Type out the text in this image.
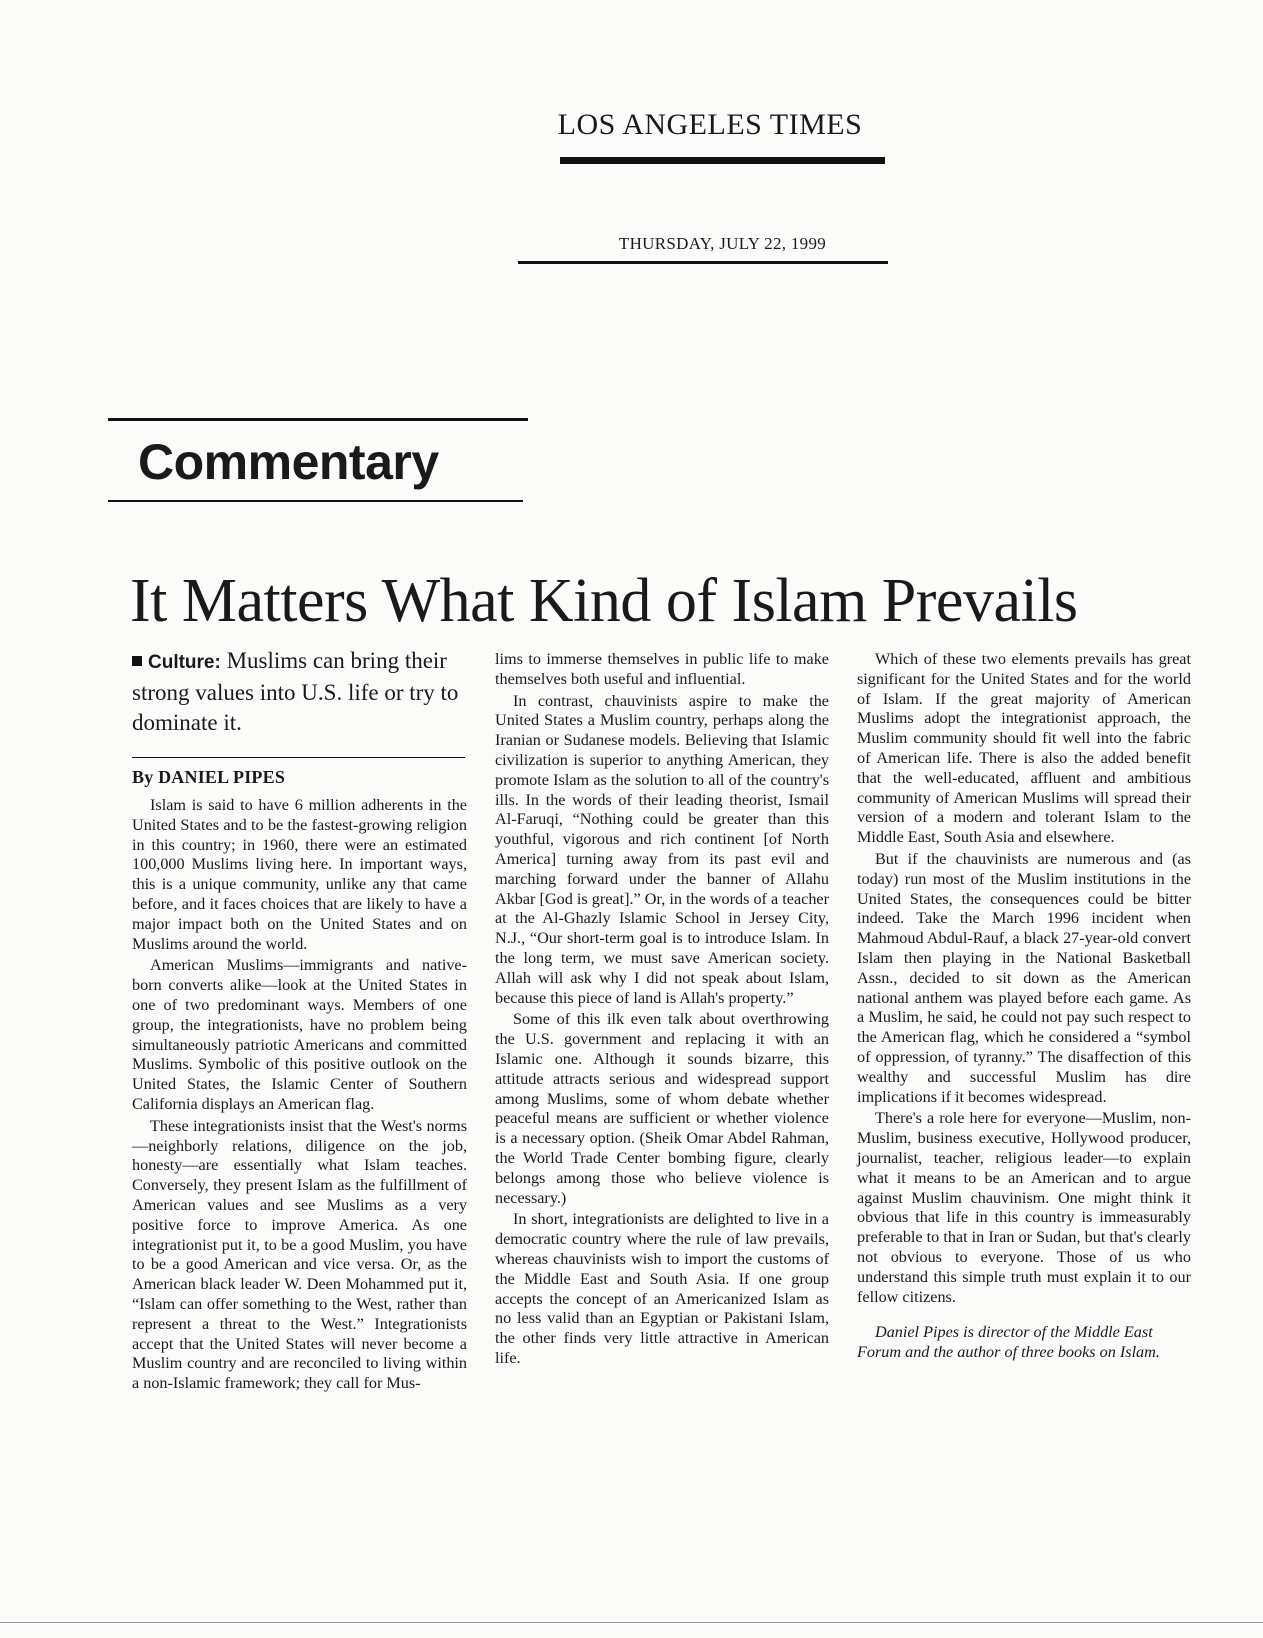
LOS ANGELES TIMES
THURSDAY, JULY 22, 1999
Commentary
It Matters What Kind of Islam Prevails
Culture: Muslims can bring their strong values into U.S. life or try to dominate it.
By DANIEL PIPES

Islam is said to have 6 million adherents in the United States and to be the fastest-growing religion in this country; in 1960, there were an estimated 100,000 Muslims living here. In important ways, this is a unique community, unlike any that came before, and it faces choices that are likely to have a major impact both on the United States and on Muslims around the world.

American Muslims—immigrants and native-born converts alike—look at the United States in one of two predominant ways. Members of one group, the integrationists, have no problem being simultaneously patriotic Americans and committed Muslims. Symbolic of this positive outlook on the United States, the Islamic Center of Southern California displays an American flag.

These integrationists insist that the West's norms—neighborly relations, diligence on the job, honesty—are essentially what Islam teaches. Conversely, they present Islam as the fulfillment of American values and see Muslims as a very positive force to improve America. As one integrationist put it, to be a good Muslim, you have to be a good American and vice versa. Or, as the American black leader W. Deen Mohammed put it, “Islam can offer something to the West, rather than represent a threat to the West.” Integrationists accept that the United States will never become a Muslim country and are reconciled to living within a non-Islamic framework; they call for Mus-

lims to immerse themselves in public life to make themselves both useful and influential.

In contrast, chauvinists aspire to make the United States a Muslim country, perhaps along the Iranian or Sudanese models. Believing that Islamic civilization is superior to anything American, they promote Islam as the solution to all of the country's ills. In the words of their leading theorist, Ismail Al-Faruqi, “Nothing could be greater than this youthful, vigorous and rich continent [of North America] turning away from its past evil and marching forward under the banner of Allahu Akbar [God is great].” Or, in the words of a teacher at the Al-Ghazly Islamic School in Jersey City, N.J., “Our short-term goal is to introduce Islam. In the long term, we must save American society. Allah will ask why I did not speak about Islam, because this piece of land is Allah's property.”

Some of this ilk even talk about overthrowing the U.S. government and replacing it with an Islamic one. Although it sounds bizarre, this attitude attracts serious and widespread support among Muslims, some of whom debate whether peaceful means are sufficient or whether violence is a necessary option. (Sheik Omar Abdel Rahman, the World Trade Center bombing figure, clearly belongs among those who believe violence is necessary.)

In short, integrationists are delighted to live in a democratic country where the rule of law prevails, whereas chauvinists wish to import the customs of the Middle East and South Asia. If one group accepts the concept of an Americanized Islam as no less valid than an Egyptian or Pakistani Islam, the other finds very little attractive in American life.

Which of these two elements prevails has great significant for the United States and for the world of Islam. If the great majority of American Muslims adopt the integrationist approach, the Muslim community should fit well into the fabric of American life. There is also the added benefit that the well-educated, affluent and ambitious community of American Muslims will spread their version of a modern and tolerant Islam to the Middle East, South Asia and elsewhere.

But if the chauvinists are numerous and (as today) run most of the Muslim institutions in the United States, the consequences could be bitter indeed. Take the March 1996 incident when Mahmoud Abdul-Rauf, a black 27-year-old convert Islam then playing in the National Basketball Assn., decided to sit down as the American national anthem was played before each game. As a Muslim, he said, he could not pay such respect to the American flag, which he considered a “symbol of oppression, of tyranny.” The disaffection of this wealthy and successful Muslim has dire implications if it becomes widespread.

There's a role here for everyone—Muslim, non-Muslim, business executive, Hollywood producer, journalist, teacher, religious leader—to explain what it means to be an American and to argue against Muslim chauvinism. One might think it obvious that life in this country is immeasurably preferable to that in Iran or Sudan, but that's clearly not obvious to everyone. Those of us who understand this simple truth must explain it to our fellow citizens.

Daniel Pipes is director of the Middle East Forum and the author of three books on Islam.
